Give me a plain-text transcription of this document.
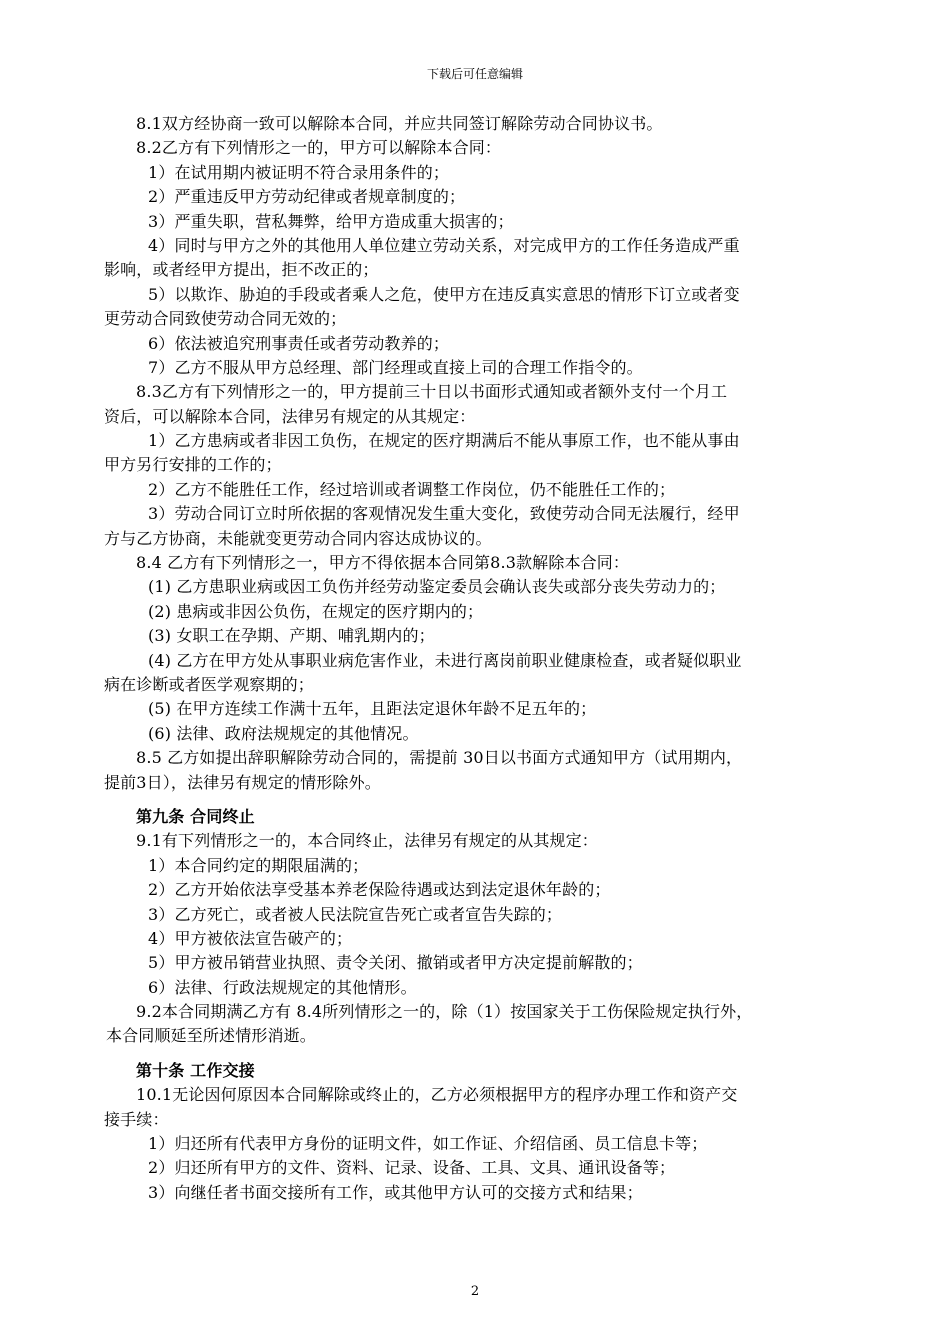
下载后可任意编辑
8.1双方经协商一致可以解除本合同，并应共同签订解除劳动合同协议书。
8.2乙方有下列情形之一的，甲方可以解除本合同：
1）在试用期内被证明不符合录用条件的；
2）严重违反甲方劳动纪律或者规章制度的；
3）严重失职，营私舞弊，给甲方造成重大损害的；
4）同时与甲方之外的其他用人单位建立劳动关系，对完成甲方的工作任务造成严重
影响，或者经甲方提出，拒不改正的；
5）以欺诈、胁迫的手段或者乘人之危，使甲方在违反真实意思的情形下订立或者变
更劳动合同致使劳动合同无效的；
6）依法被追究刑事责任或者劳动教养的；
7）乙方不服从甲方总经理、部门经理或直接上司的合理工作指令的。
8.3乙方有下列情形之一的，甲方提前三十日以书面形式通知或者额外支付一个月工
资后，可以解除本合同，法律另有规定的从其规定：
1）乙方患病或者非因工负伤，在规定的医疗期满后不能从事原工作，也不能从事由
甲方另行安排的工作的；
2）乙方不能胜任工作，经过培训或者调整工作岗位，仍不能胜任工作的；
3）劳动合同订立时所依据的客观情况发生重大变化，致使劳动合同无法履行，经甲
方与乙方协商，未能就变更劳动合同内容达成协议的。
8.4 乙方有下列情形之一，甲方不得依据本合同第8.3款解除本合同：
(1) 乙方患职业病或因工负伤并经劳动鉴定委员会确认丧失或部分丧失劳动力的；
(2) 患病或非因公负伤，在规定的医疗期内的；
(3) 女职工在孕期、产期、哺乳期内的；
(4) 乙方在甲方处从事职业病危害作业，未进行离岗前职业健康检查，或者疑似职业
病在诊断或者医学观察期的；
(5) 在甲方连续工作满十五年，且距法定退休年龄不足五年的；
(6) 法律、政府法规规定的其他情况。
8.5 乙方如提出辞职解除劳动合同的，需提前 30日以书面方式通知甲方（试用期内，
提前3日），法律另有规定的情形除外。
第九条 合同终止
9.1有下列情形之一的，本合同终止，法律另有规定的从其规定：
1）本合同约定的期限届满的；
2）乙方开始依法享受基本养老保险待遇或达到法定退休年龄的；
3）乙方死亡，或者被人民法院宣告死亡或者宣告失踪的；
4）甲方被依法宣告破产的；
5）甲方被吊销营业执照、责令关闭、撤销或者甲方决定提前解散的；
6）法律、行政法规规定的其他情形。
9.2本合同期满乙方有 8.4所列情形之一的，除（1）按国家关于工伤保险规定执行外，
本合同顺延至所述情形消逝。
第十条 工作交接
10.1无论因何原因本合同解除或终止的，乙方必须根据甲方的程序办理工作和资产交
接手续：
1）归还所有代表甲方身份的证明文件，如工作证、介绍信函、员工信息卡等；
2）归还所有甲方的文件、资料、记录、设备、工具、文具、通讯设备等；
3）向继任者书面交接所有工作，或其他甲方认可的交接方式和结果；
2
